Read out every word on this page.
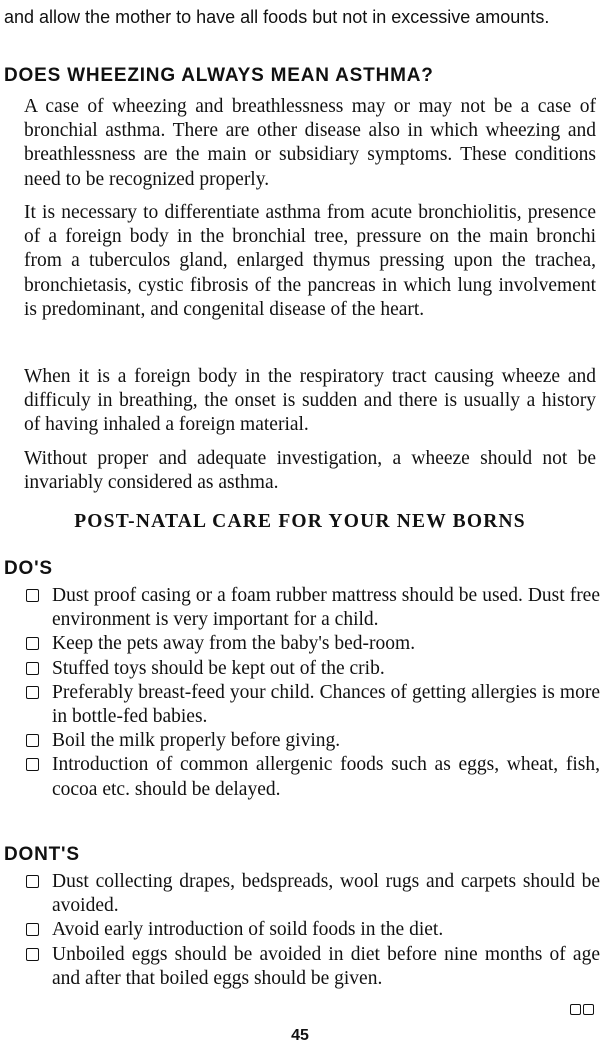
and allow the mother to have all foods but not in excessive amounts.
DOES WHEEZING ALWAYS MEAN ASTHMA?
A case of wheezing and breathlessness may or may not be a case of bronchial asthma. There are other disease also in which wheezing and breathlessness are the main or subsidiary symptoms. These conditions need to be recognized properly.
It is necessary to differentiate asthma from acute bronchiolitis, presence of a foreign body in the bronchial tree, pressure on the main bronchi from a tuberculos gland, enlarged thymus pressing upon the trachea, bronchietasis, cystic fibrosis of the pancreas in which lung involvement is predominant, and congenital disease of the heart.
When it is a foreign body in the respiratory tract causing wheeze and difficuly in breathing, the onset is sudden and there is usually a history of having inhaled a foreign material.
Without proper and adequate investigation, a wheeze should not be invariably considered as asthma.
POST-NATAL CARE FOR YOUR NEW BORNS
DO'S
Dust proof casing or a foam rubber mattress should be used. Dust free environment is very important for a child.
Keep the pets away from the baby's bed-room.
Stuffed toys should be kept out of the crib.
Preferably breast-feed your child. Chances of getting allergies is more in bottle-fed babies.
Boil the milk properly before giving.
Introduction of common allergenic foods such as eggs, wheat, fish, cocoa etc. should be delayed.
DONT'S
Dust collecting drapes, bedspreads, wool rugs and carpets should be avoided.
Avoid early introduction of soild foods in the diet.
Unboiled eggs should be avoided in diet before nine months of age and after that boiled eggs should be given.
45
